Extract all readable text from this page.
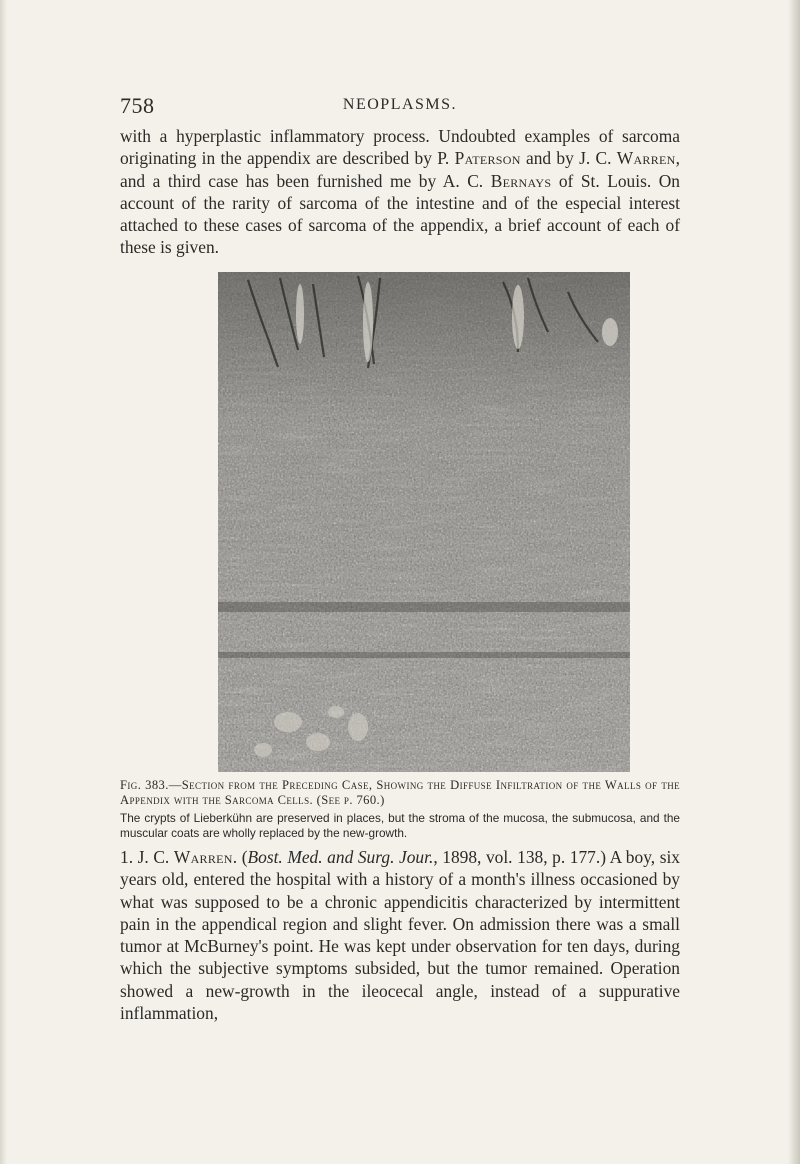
758	NEOPLASMS.

with a hyperplastic inflammatory process. Undoubted examples of sarcoma originating in the appendix are described by P. Paterson and by J. C. Warren, and a third case has been furnished me by A. C. Bernays of St. Louis. On account of the rarity of sarcoma of the intestine and of the especial interest attached to these cases of sarcoma of the appendix, a brief account of each of these is given.

Fig. 383.—Section from the Preceding Case, Showing the Diffuse Infiltration of the Walls of the Appendix with the Sarcoma Cells. (See p. 760.)

The crypts of Lieberkühn are preserved in places, but the stroma of the mucosa, the submucosa, and the muscular coats are wholly replaced by the new-growth.

1. J. C. Warren. (Bost. Med. and Surg. Jour., 1898, vol. 138, p. 177.) A boy, six years old, entered the hospital with a history of a month's illness occasioned by what was supposed to be a chronic appendicitis characterized by intermittent pain in the appendical region and slight fever. On admission there was a small tumor at McBurney's point. He was kept under observation for ten days, during which the subjective symptoms subsided, but the tumor remained. Operation showed a new-growth in the ileocecal angle, instead of a suppurative inflammation,
